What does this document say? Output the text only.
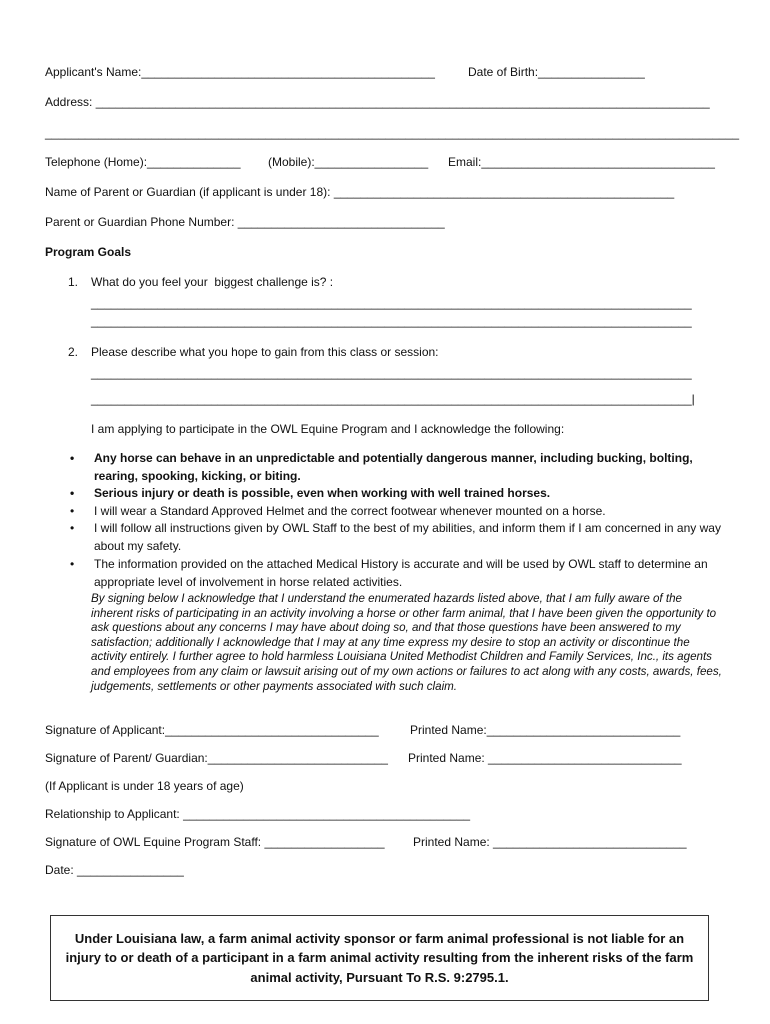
Applicant's Name:____________________________________________	Date of Birth:________________
Address: ____________________________________________________________________________________________
________________________________________________________________________________________________________
Telephone (Home):______________ (Mobile):_________________ Email:___________________________________
Name of Parent or Guardian (if applicant is under 18): ___________________________________________________
Parent or Guardian Phone Number: _______________________________
Program Goals
1. What do you feel your  biggest challenge is? :
__________________________________________________________________________________________
__________________________________________________________________________________________
2. Please describe what you hope to gain from this class or session:
__________________________________________________________________________________________
__________________________________________________________________________________________|
I am applying to participate in the OWL Equine Program and I acknowledge the following:
• Any horse can behave in an unpredictable and potentially dangerous manner, including bucking, bolting, rearing, spooking, kicking, or biting.
• Serious injury or death is possible, even when working with well trained horses.
• I will wear a Standard Approved Helmet and the correct footwear whenever mounted on a horse.
• I will follow all instructions given by OWL Staff to the best of my abilities, and inform them if I am concerned in any way about my safety.
• The information provided on the attached Medical History is accurate and will be used by OWL staff to determine an appropriate level of involvement in horse related activities.
By signing below I acknowledge that I understand the enumerated hazards listed above, that I am fully aware of the inherent risks of participating in an activity involving a horse or other farm animal, that I have been given the opportunity to ask questions about any concerns I may have about doing so, and that those questions have been answered to my satisfaction; additionally I acknowledge that I may at any time express my desire to stop an activity or discontinue the activity entirely. I further agree to hold harmless Louisiana United Methodist Children and Family Services, Inc., its agents and employees from any claim or lawsuit arising out of my own actions or failures to act along with any costs, awards, fees, judgements, settlements or other payments associated with such claim.
Signature of Applicant:________________________________	Printed Name:_____________________________
Signature of Parent/ Guardian:___________________________ Printed Name: _____________________________
(If Applicant is under 18 years of age)
Relationship to Applicant: ___________________________________________
Signature of OWL Equine Program Staff: __________________ Printed Name: _____________________________
Date: ________________
Under Louisiana law, a farm animal activity sponsor or farm animal professional is not liable for an injury to or death of a participant in a farm animal activity resulting from the inherent risks of the farm animal activity, Pursuant To R.S. 9:2795.1.
